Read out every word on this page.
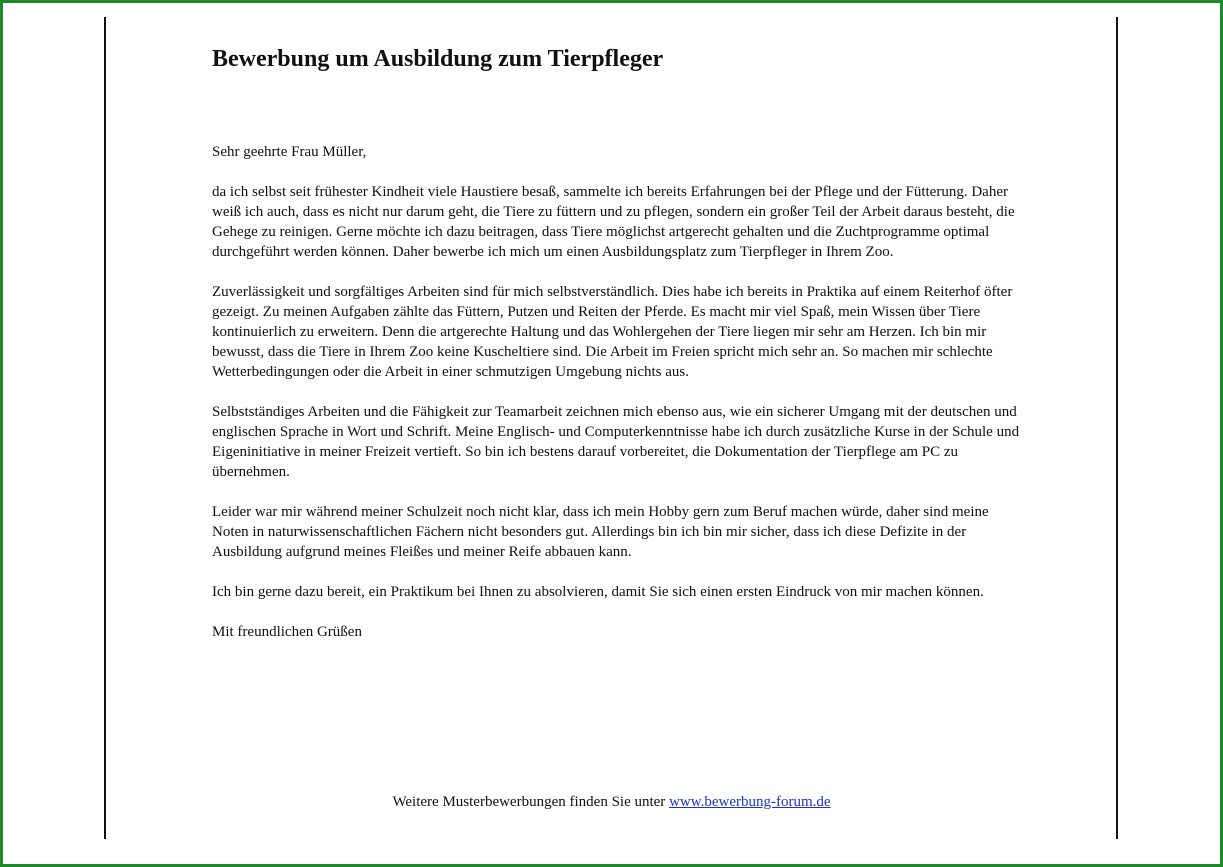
Bewerbung um Ausbildung zum Tierpfleger

Sehr geehrte Frau Müller,

da ich selbst seit frühester Kindheit viele Haustiere besaß, sammelte ich bereits Erfahrungen bei der Pflege und der Fütterung. Daher weiß ich auch, dass es nicht nur darum geht, die Tiere zu füttern und zu pflegen, sondern ein großer Teil der Arbeit daraus besteht, die Gehege zu reinigen. Gerne möchte ich dazu beitragen, dass Tiere möglichst artgerecht gehalten und die Zuchtprogramme optimal durchgeführt werden können. Daher bewerbe ich mich um einen Ausbildungsplatz zum Tierpfleger in Ihrem Zoo.

Zuverlässigkeit und sorgfältiges Arbeiten sind für mich selbstverständlich. Dies habe ich bereits in Praktika auf einem Reiterhof öfter gezeigt. Zu meinen Aufgaben zählte das Füttern, Putzen und Reiten der Pferde. Es macht mir viel Spaß, mein Wissen über Tiere kontinuierlich zu erweitern. Denn die artgerechte Haltung und das Wohlergehen der Tiere liegen mir sehr am Herzen. Ich bin mir bewusst, dass die Tiere in Ihrem Zoo keine Kuscheltiere sind. Die Arbeit im Freien spricht mich sehr an. So machen mir schlechte Wetterbedingungen oder die Arbeit in einer schmutzigen Umgebung nichts aus.

Selbstständiges Arbeiten und die Fähigkeit zur Teamarbeit zeichnen mich ebenso aus, wie ein sicherer Umgang mit der deutschen und englischen Sprache in Wort und Schrift. Meine Englisch- und Computerkenntnisse habe ich durch zusätzliche Kurse in der Schule und Eigeninitiative in meiner Freizeit vertieft. So bin ich bestens darauf vorbereitet, die Dokumentation der Tierpflege am PC zu übernehmen.

Leider war mir während meiner Schulzeit noch nicht klar, dass ich mein Hobby gern zum Beruf machen würde, daher sind meine Noten in naturwissenschaftlichen Fächern nicht besonders gut. Allerdings bin ich bin mir sicher, dass ich diese Defizite in der Ausbildung aufgrund meines Fleißes und meiner Reife abbauen kann.

Ich bin gerne dazu bereit, ein Praktikum bei Ihnen zu absolvieren, damit Sie sich einen ersten Eindruck von mir machen können.

Mit freundlichen Grüßen

Weitere Musterbewerbungen finden Sie unter www.bewerbung-forum.de
